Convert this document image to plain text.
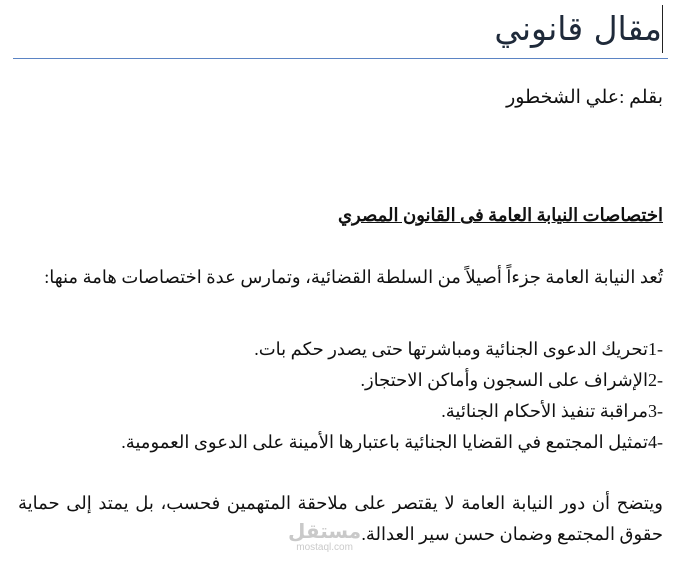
مقال قانوني
بقلم :علي الشخطور
اختصاصات النيابة العامة فى القانون المصري
تُعد النيابة العامة جزءاً أصيلاً من السلطة القضائية، وتمارس عدة اختصاصات هامة منها:
-1تحريك الدعوى الجنائية ومباشرتها حتى يصدر حكم بات.
-2الإشراف على السجون وأماكن الاحتجاز.
-3مراقبة تنفيذ الأحكام الجنائية.
-4تمثيل المجتمع في القضايا الجنائية باعتبارها الأمينة على الدعوى العمومية.
ويتضح أن دور النيابة العامة لا يقتصر على ملاحقة المتهمين فحسب، بل يمتد إلى حماية حقوق المجتمع وضمان حسن سير العدالة.
مستقل
mostaql.com
